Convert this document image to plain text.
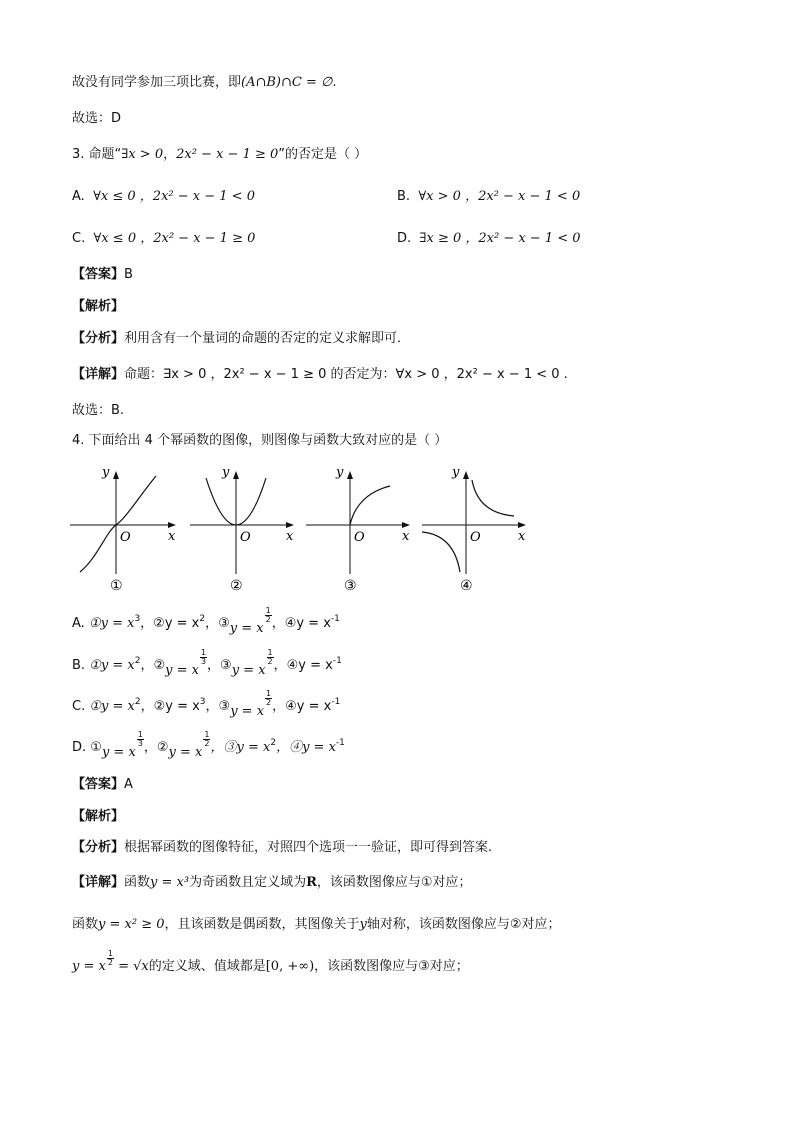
故没有同学参加三项比赛，即(A∩B)∩C = ∅.
故选：D
3. 命题“∃x > 0，2x² − x − 1 ≥ 0”的否定是（ ）
A. ∀x ≤ 0 ，2x² − x − 1 < 0	B. ∀x > 0 ，2x² − x − 1 < 0
C. ∀x ≤ 0 ，2x² − x − 1 ≥ 0	D. ∃x ≥ 0 ，2x² − x − 1 < 0
【答案】B
【解析】
【分析】利用含有一个量词的命题的否定的定义求解即可．
【详解】命题：∃x > 0 ，2x² − x − 1 ≥ 0 的否定为：∀x > 0 ，2x² − x − 1 < 0 .
故选：B.
4. 下面给出 4 个幂函数的图像，则图像与函数大致对应的是（ ）
y
x
O
①
y
x
O
②
y
x
O
③
y
x
O
④
A. ①y = $x^3$，②y = $x^2$，③y = x
$\frac{1}{2}$ ，④y = $x^{-1}$
B. ①y = $x^2$，②y = x
$\frac{1}{3}$ ，③y = x
$\frac{1}{2}$ ，④y = $x^{-1}$
C. ①y = $x^2$，②y = $x^3$，③y = x
$\frac{1}{2}$ ，④y = $x^{-1}$
D. ①y = x
$\frac{1}{3}$ ，②y = x
$\frac{1}{2}$ ，③y = $x^2$，④y = $x^{-1}$
【答案】A
【解析】
【分析】根据幂函数的图像特征，对照四个选项一一验证，即可得到答案.
【详解】函数y = x³为奇函数且定义域为R，该函数图像应与①对应；
函数y = x² ≥ 0，且该函数是偶函数，其图像关于y轴对称，该函数图像应与②对应；
y = x $\frac{1}{2} = √x$的定义域、值域都是[0, +∞)，该函数图像应与③对应；
